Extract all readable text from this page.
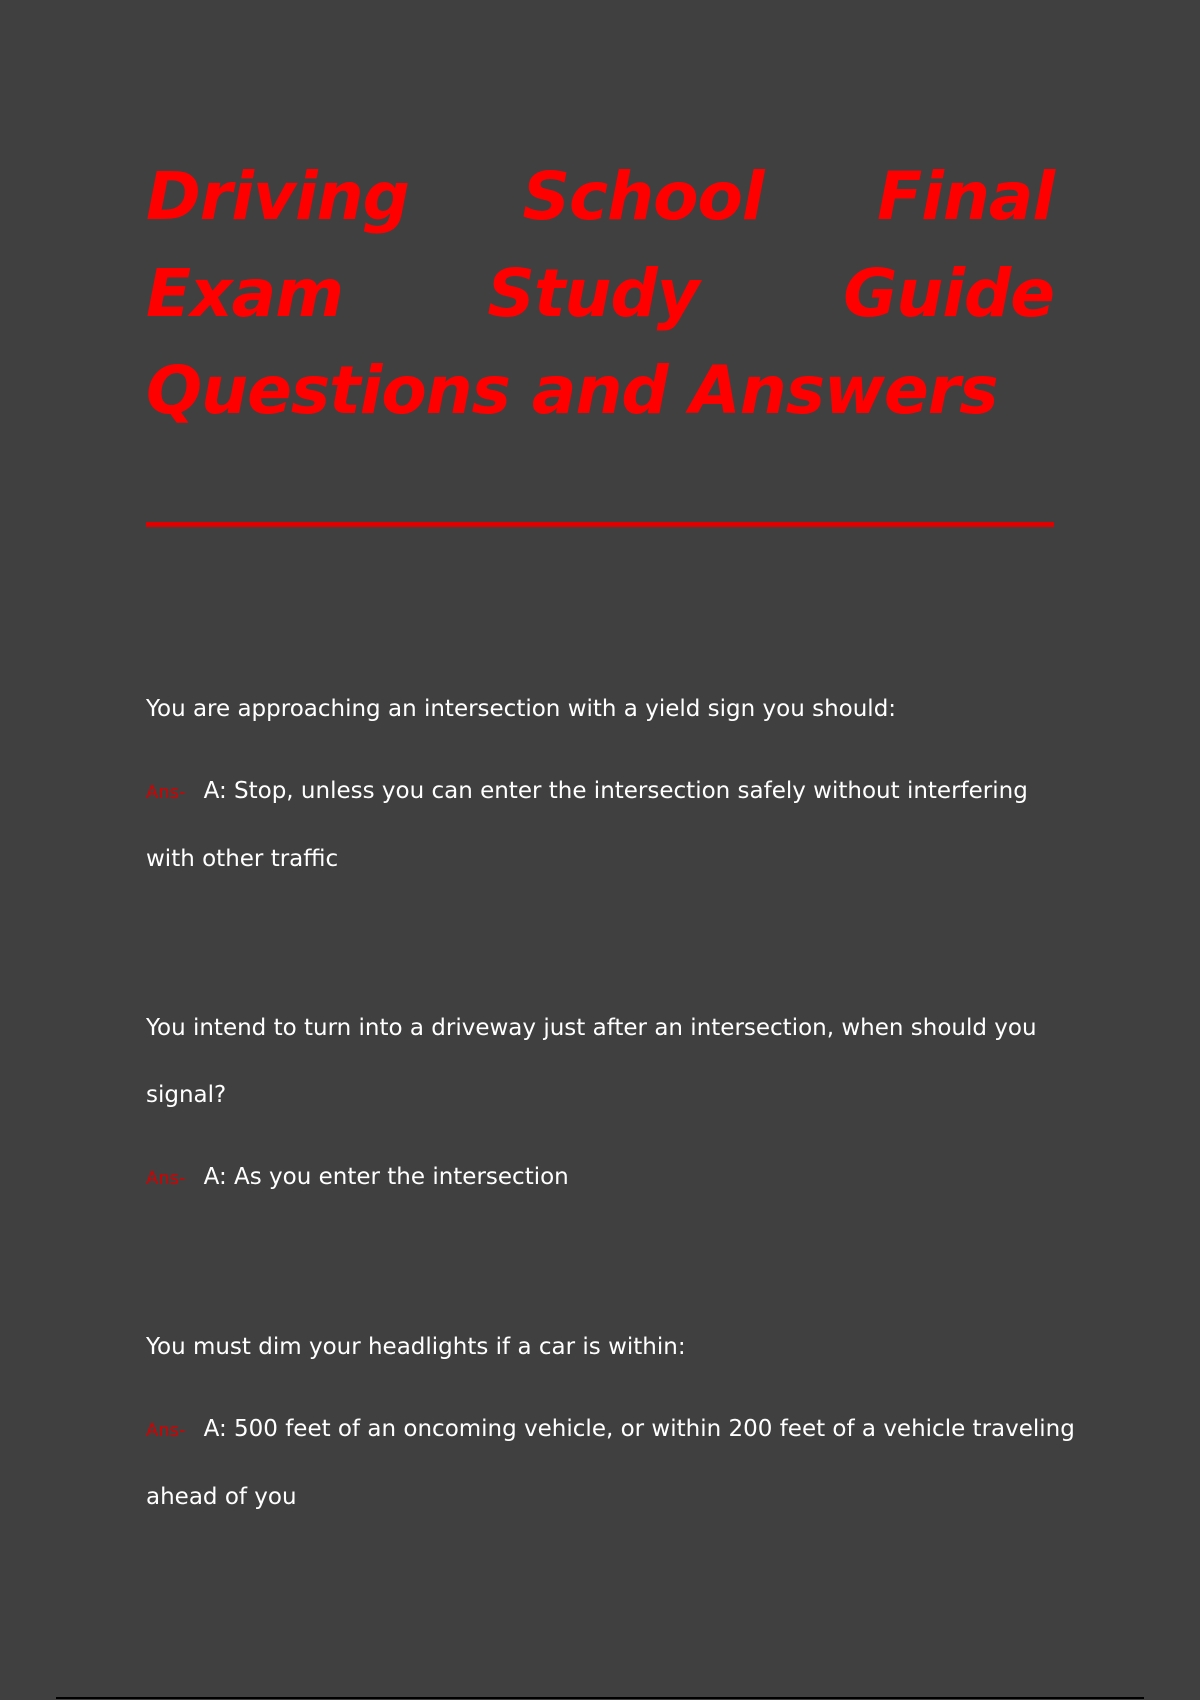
Driving School Final Exam Study Guide Questions and Answers

You are approaching an intersection with a yield sign you should:

Ans- A: Stop, unless you can enter the intersection safely without interfering with other traffic

You intend to turn into a driveway just after an intersection, when should you signal?

Ans- A: As you enter the intersection

You must dim your headlights if a car is within:

Ans- A: 500 feet of an oncoming vehicle, or within 200 feet of a vehicle traveling ahead of you
